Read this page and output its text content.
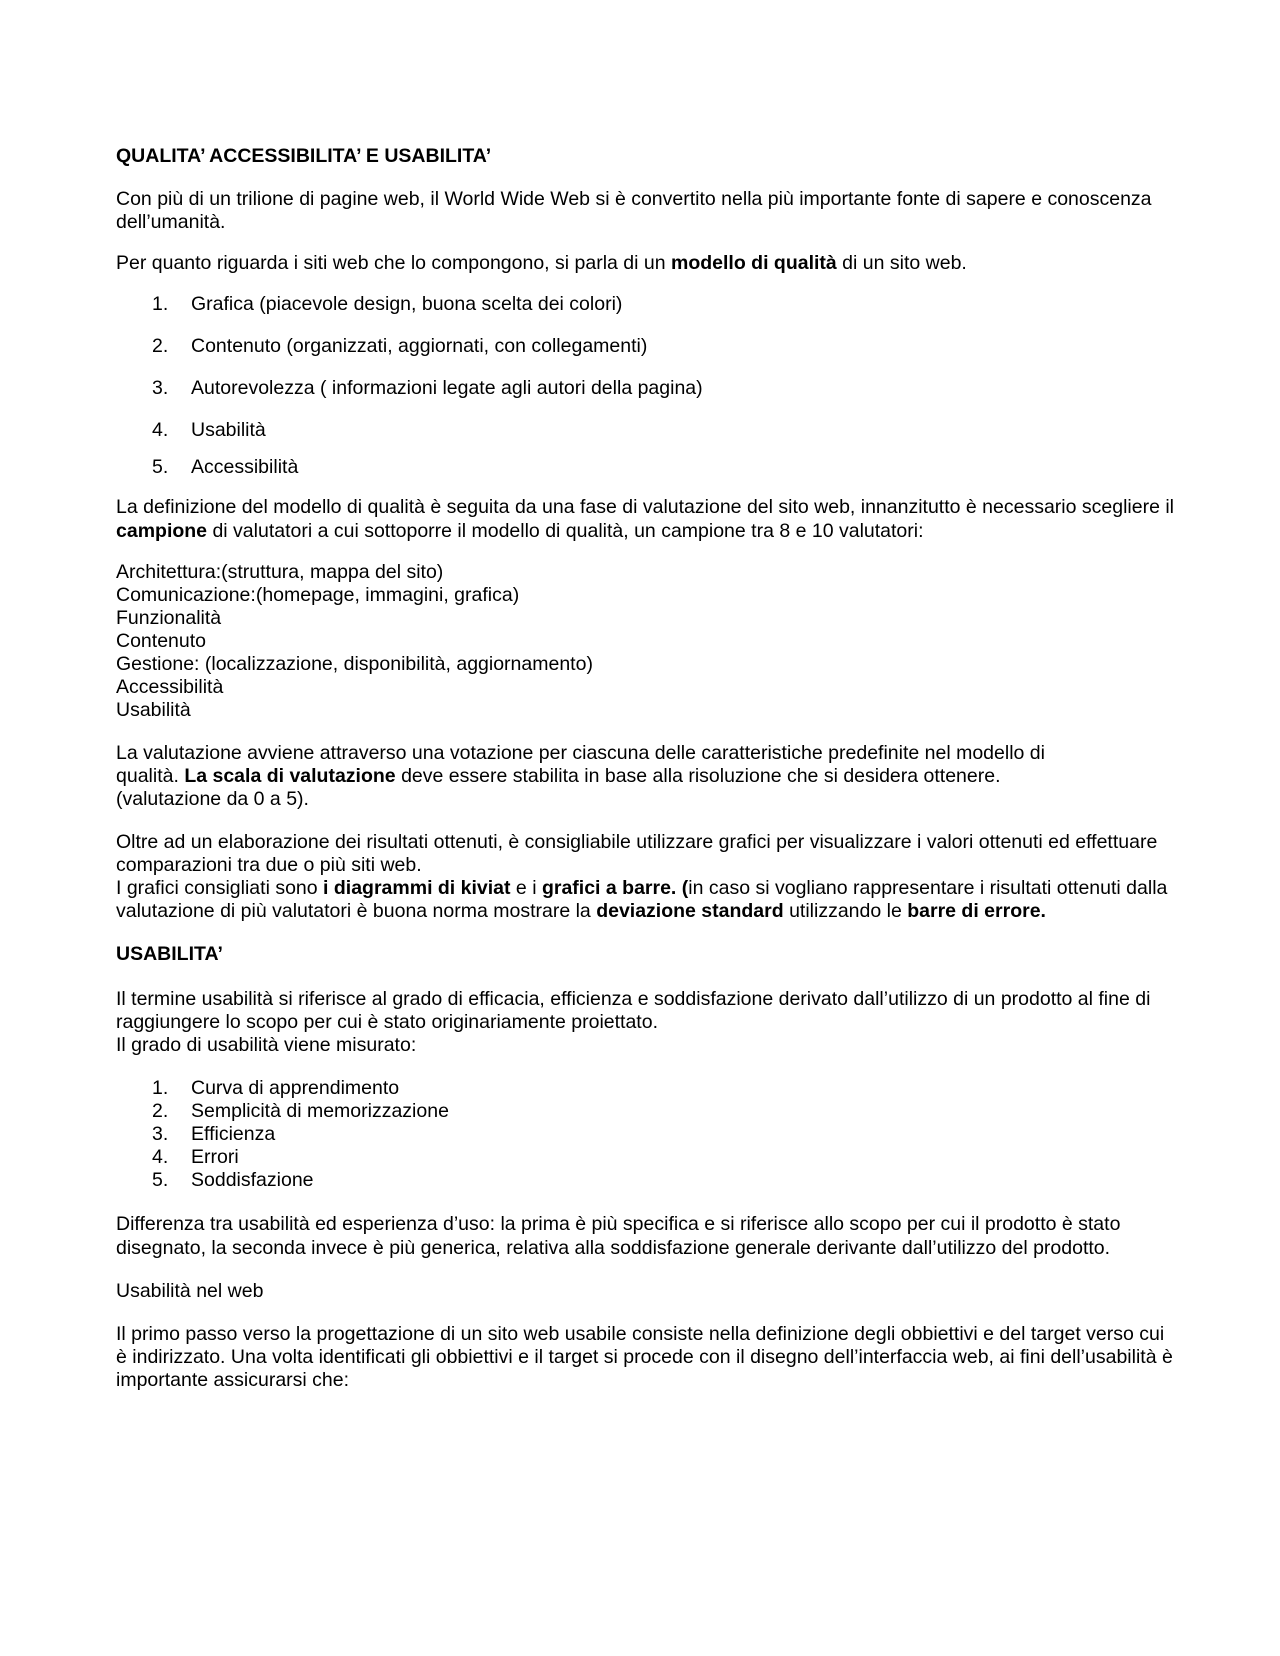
QUALITA’ ACCESSIBILITA’ E USABILITA’

Con più di un trilione di pagine web, il World Wide Web si è convertito nella più importante fonte di sapere e conoscenza dell’umanità.

Per quanto riguarda i siti web che lo compongono, si parla di un modello di qualità di un sito web.

1.	Grafica (piacevole design, buona scelta dei colori)
2.	Contenuto (organizzati, aggiornati, con collegamenti)
3.	Autorevolezza ( informazioni legate agli autori della pagina)
4.	Usabilità
5.	Accessibilità

La definizione del modello di qualità è seguita da una fase di valutazione del sito web, innanzitutto è necessario scegliere il campione di valutatori a cui sottoporre il modello di qualità, un campione tra 8 e 10 valutatori:

Architettura:(struttura, mappa del sito)

Comunicazione:(homepage, immagini, grafica)

Funzionalità

Contenuto

Gestione: (localizzazione, disponibilità, aggiornamento)

Accessibilità

Usabilità

La valutazione avviene attraverso una votazione per ciascuna delle caratteristiche predefinite nel modello di

qualità. La scala di valutazione deve essere stabilita in base alla risoluzione che si desidera ottenere.

(valutazione da 0 a 5).

Oltre ad un elaborazione dei risultati ottenuti, è consigliabile utilizzare grafici per visualizzare i valori ottenuti ed effettuare comparazioni tra due o più siti web.

I grafici consigliati sono i diagrammi di kiviat e i grafici a barre. (in caso si vogliano rappresentare i risultati ottenuti dalla valutazione di più valutatori è buona norma mostrare la deviazione standard utilizzando le barre di errore.

USABILITA’

Il termine usabilità si riferisce al grado di efficacia, efficienza e soddisfazione derivato dall’utilizzo di un prodotto al fine di raggiungere lo scopo per cui è stato originariamente proiettato.

Il grado di usabilità viene misurato:

1.	Curva di apprendimento
2.	Semplicità di memorizzazione
3.	Efficienza
4.	Errori
5.	Soddisfazione

Differenza tra usabilità ed esperienza d’uso: la prima è più specifica e si riferisce allo scopo per cui il prodotto è stato disegnato, la seconda invece è più generica, relativa alla soddisfazione generale derivante dall’utilizzo del prodotto.

Usabilità nel web

Il primo passo verso la progettazione di un sito web usabile consiste nella definizione degli obbiettivi e del target verso cui è indirizzato. Una volta identificati gli obbiettivi e il target si procede con il disegno dell’interfaccia web, ai fini dell’usabilità è importante assicurarsi che:
